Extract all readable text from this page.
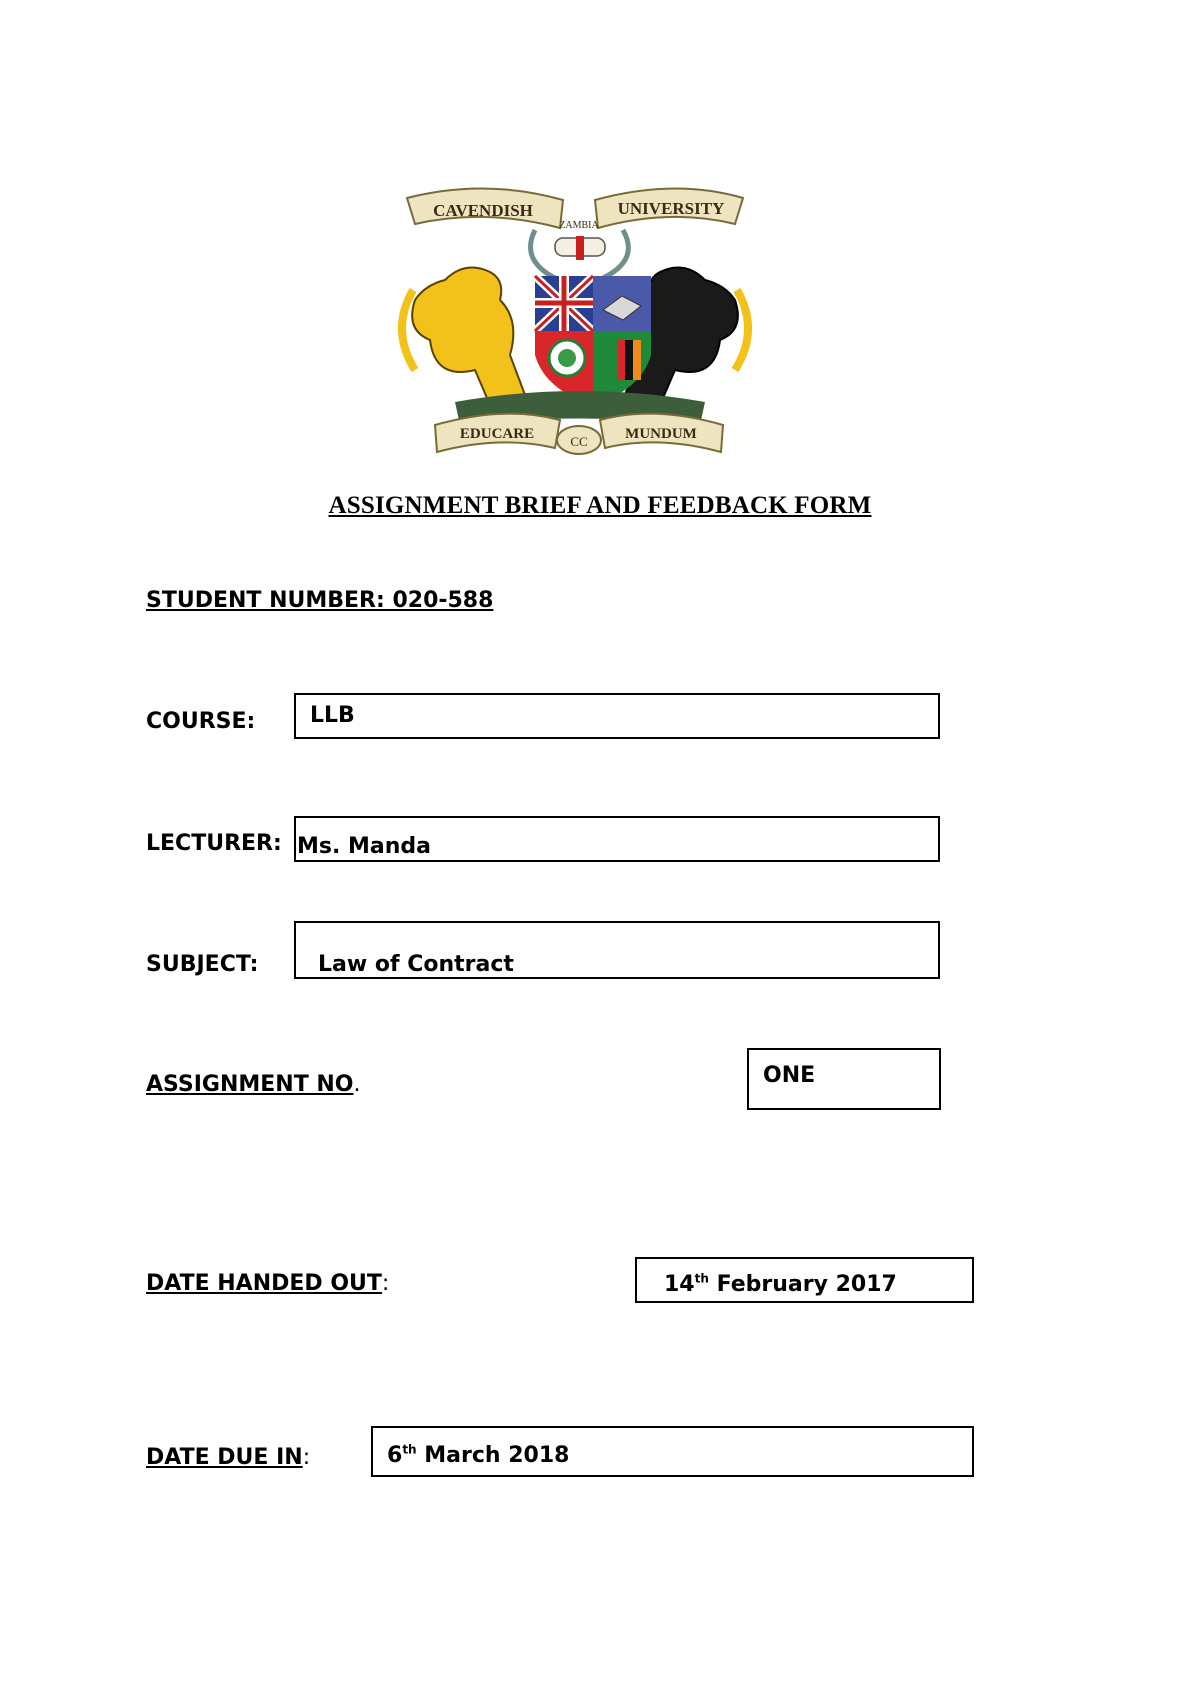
CAVENDISH	UNIVERSITY
ZAMBIA
EDUCARE	MUNDUM
CC
ASSIGNMENT BRIEF AND FEEDBACK FORM
STUDENT NUMBER: 020-588
COURSE: LLB
LECTURER: Ms. Manda
SUBJECT:	Law of Contract
ASSIGNMENT NO.	ONE
DATE HANDED OUT:	14th February 2017
DATE DUE IN:	6th March 2018
